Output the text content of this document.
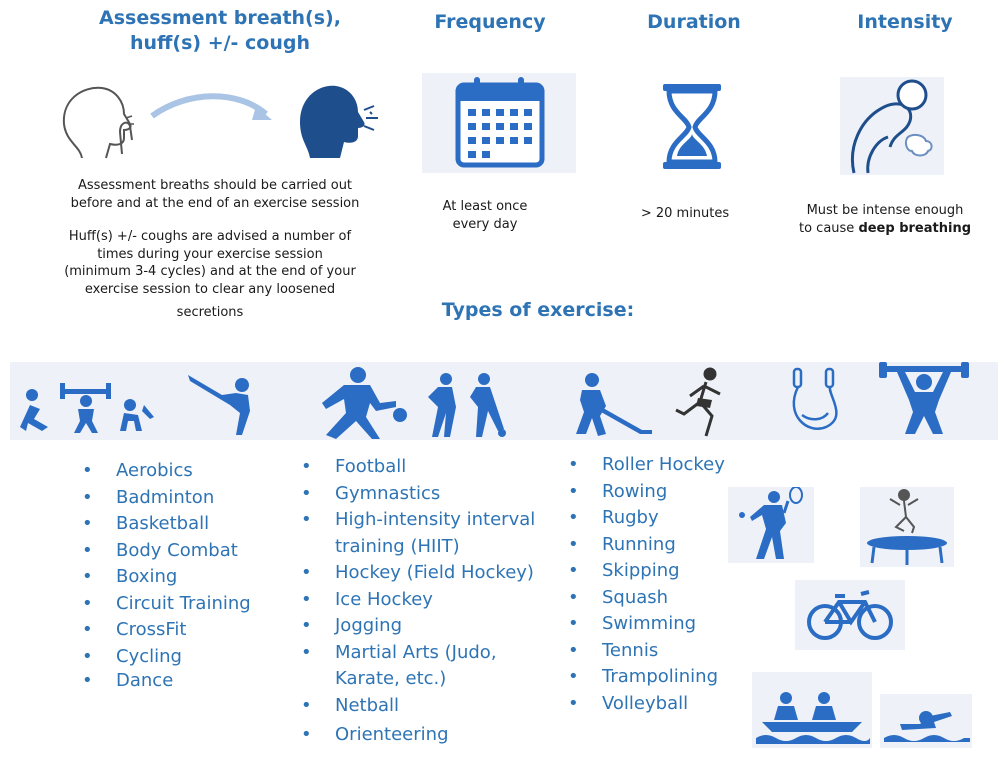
Assessment breath(s),
huff(s) +/- cough
Assessment breaths should be carried out
before and at the end of an exercise session
Huff(s) +/- coughs are advised a number of
times during your exercise session
(minimum 3-4 cycles) and at the end of your
exercise session to clear any loosened
secretions
Frequency
At least once
every day
Duration
> 20 minutes
Intensity
Must be intense enough
to cause deep breathing
Types of exercise:
• Aerobics
• Badminton
• Basketball
• Body Combat
• Boxing
• Circuit Training
• CrossFit
• Cycling
• Dance
• Football
• Gymnastics
• High-intensity interval training (HIIT)
• Hockey (Field Hockey)
• Ice Hockey
• Jogging
• Martial Arts (Judo, Karate, etc.)
• Netball
• Orienteering
• Roller Hockey
• Rowing
• Rugby
• Running
• Skipping
• Squash
• Swimming
• Tennis
• Trampolining
• Volleyball
